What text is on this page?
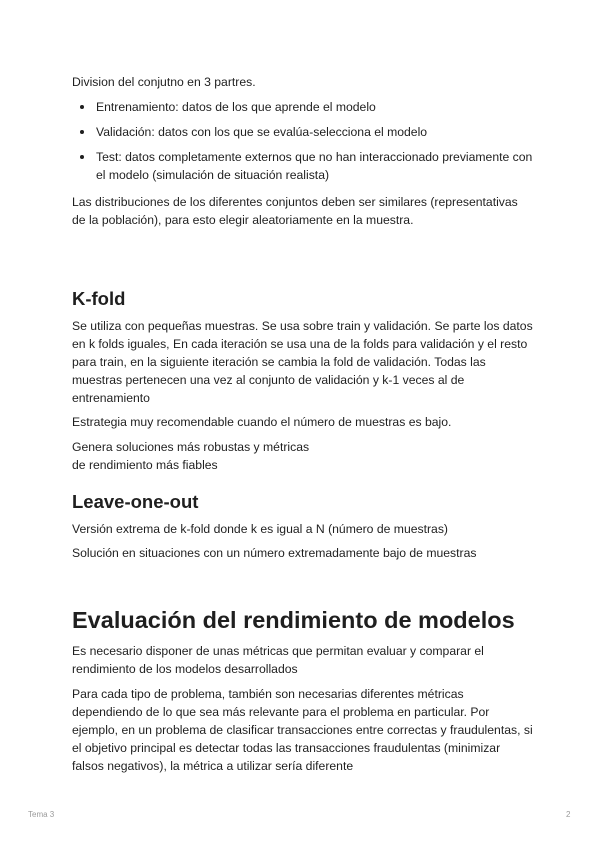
Division del conjutno en 3 partres.

Entrenamiento: datos de los que aprende el modelo
Validación: datos con los que se evalúa-selecciona el modelo
Test: datos completamente externos que no han interaccionado previamente con el modelo (simulación de situación realista)

Las distribuciones de los diferentes conjuntos deben ser similares (representativas de la población), para esto elegir aleatoriamente en la muestra.

K-fold

Se utiliza con pequeñas muestras. Se usa sobre train y validación. Se parte los datos en k folds iguales, En cada iteración se usa una de la folds para validación y el resto para train, en la siguiente iteración se cambia la fold de validación. Todas las muestras pertenecen una vez al conjunto de validación y k-1 veces al de entrenamiento

Estrategia muy recomendable cuando el número de muestras es bajo.

Genera soluciones más robustas y métricas

de rendimiento más fiables

Leave-one-out

Versión extrema de k-fold donde k es igual a N (número de muestras)

Solución en situaciones con un número extremadamente bajo de muestras

Evaluación del rendimiento de modelos

Es necesario disponer de unas métricas que permitan evaluar y comparar el rendimiento de los modelos desarrollados

Para cada tipo de problema, también son necesarias diferentes métricas dependiendo de lo que sea más relevante para el problema en particular. Por ejemplo, en un problema de clasificar transacciones entre correctas y fraudulentas, si el objetivo principal es detectar todas las transacciones fraudulentas (minimizar falsos negativos), la métrica a utilizar sería diferente

Tema 3	2
